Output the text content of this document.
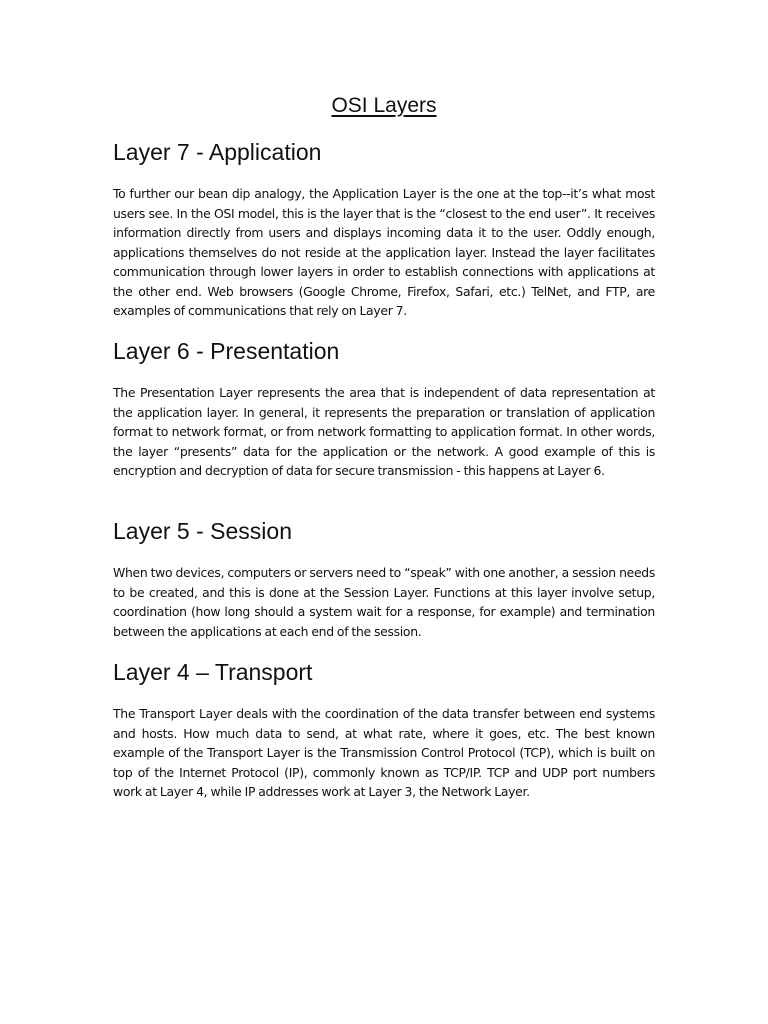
OSI Layers
Layer 7 - Application

To further our bean dip analogy, the Application Layer is the one at the top--it’s what most users see. In the OSI model, this is the layer that is the “closest to the end user”. It receives information directly from users and displays incoming data it to the user. Oddly enough, applications themselves do not reside at the application layer. Instead the layer facilitates communication through lower layers in order to establish connections with applications at the other end. Web browsers (Google Chrome, Firefox, Safari, etc.) TelNet, and FTP, are examples of communications that rely on Layer 7.

Layer 6 - Presentation

The Presentation Layer represents the area that is independent of data representation at the application layer. In general, it represents the preparation or translation of application format to network format, or from network formatting to application format. In other words, the layer “presents” data for the application or the network. A good example of this is encryption and decryption of data for secure transmission - this happens at Layer 6.

Layer 5 - Session

When two devices, computers or servers need to “speak” with one another, a session needs to be created, and this is done at the Session Layer. Functions at this layer involve setup, coordination (how long should a system wait for a response, for example) and termination between the applications at each end of the session.

Layer 4 – Transport

The Transport Layer deals with the coordination of the data transfer between end systems and hosts. How much data to send, at what rate, where it goes, etc. The best known example of the Transport Layer is the Transmission Control Protocol (TCP), which is built on top of the Internet Protocol (IP), commonly known as TCP/IP. TCP and UDP port numbers work at Layer 4, while IP addresses work at Layer 3, the Network Layer.
